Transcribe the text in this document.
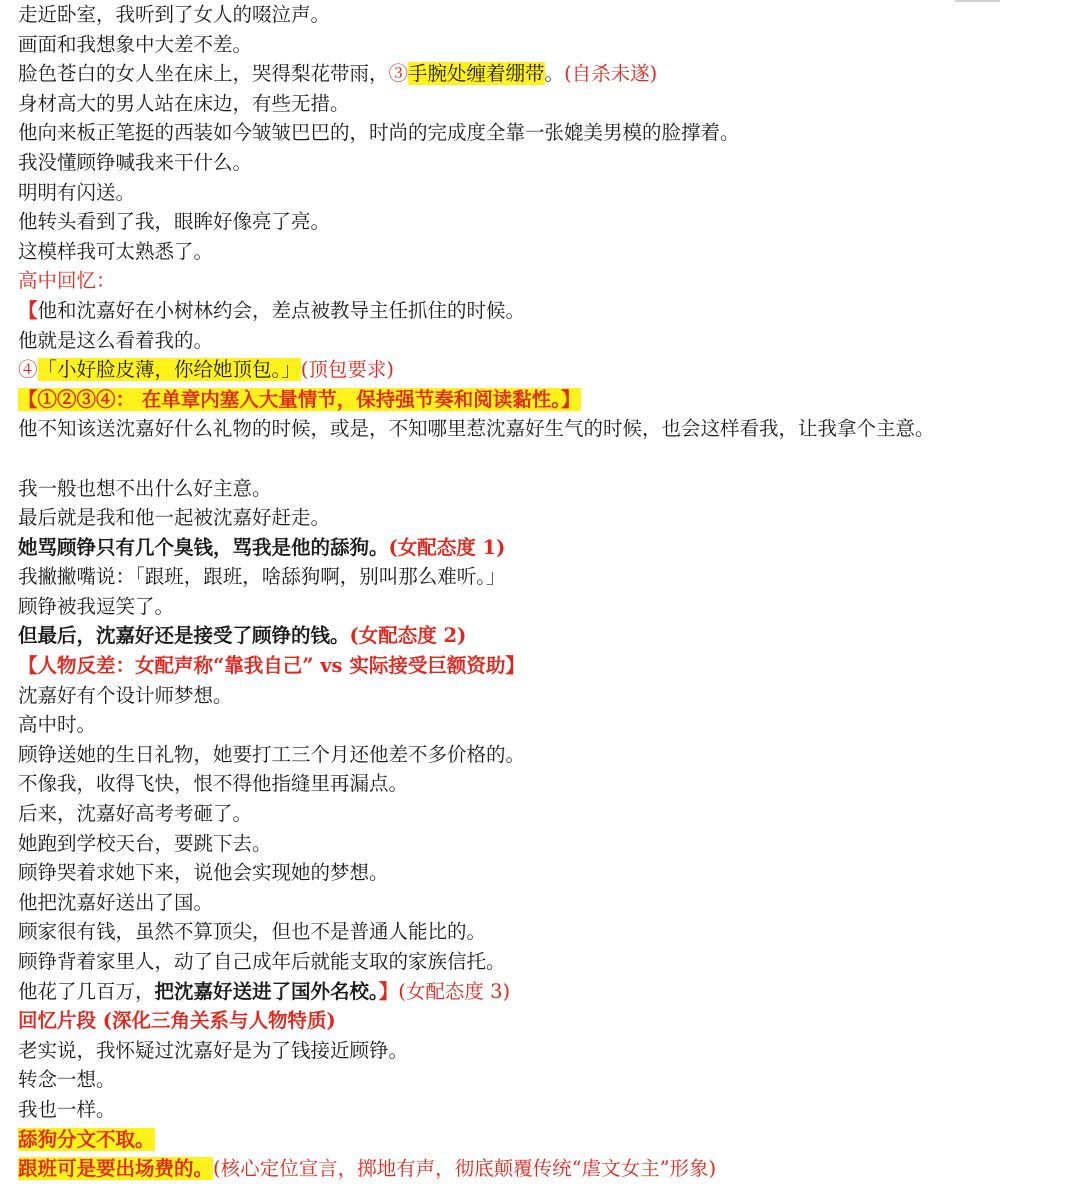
走近卧室，我听到了女人的啜泣声。
画面和我想象中大差不差。
脸色苍白的女人坐在床上，哭得梨花带雨，③手腕处缠着绷带。(自杀未遂)
身材高大的男人站在床边，有些无措。
他向来板正笔挺的西装如今皱皱巴巴的，时尚的完成度全靠一张媲美男模的脸撑着。
我没懂顾铮喊我来干什么。
明明有闪送。
他转头看到了我，眼眸好像亮了亮。
这模样我可太熟悉了。
高中回忆：
【他和沈嘉好在小树林约会，差点被教导主任抓住的时候。
他就是这么看着我的。
④「小好脸皮薄，你给她顶包。」(顶包要求)
【①②③④： 在单章内塞入大量情节，保持强节奏和阅读黏性。】
他不知该送沈嘉好什么礼物的时候，或是，不知哪里惹沈嘉好生气的时候，也会这样看我，让我拿个主意。
我一般也想不出什么好主意。
最后就是我和他一起被沈嘉好赶走。
她骂顾铮只有几个臭钱，骂我是他的舔狗。(女配态度 1)
我撇撇嘴说：「跟班，跟班，啥舔狗啊，别叫那么难听。」
顾铮被我逗笑了。
但最后，沈嘉好还是接受了顾铮的钱。(女配态度 2)
【人物反差：女配声称“靠我自己” vs 实际接受巨额资助】
沈嘉好有个设计师梦想。
高中时。
顾铮送她的生日礼物，她要打工三个月还他差不多价格的。
不像我，收得飞快，恨不得他指缝里再漏点。
后来，沈嘉好高考考砸了。
她跑到学校天台，要跳下去。
顾铮哭着求她下来，说他会实现她的梦想。
他把沈嘉好送出了国。
顾家很有钱，虽然不算顶尖，但也不是普通人能比的。
顾铮背着家里人，动了自己成年后就能支取的家族信托。
他花了几百万，把沈嘉好送进了国外名校。】(女配态度 3)
回忆片段 (深化三角关系与人物特质)
老实说，我怀疑过沈嘉好是为了钱接近顾铮。
转念一想。
我也一样。
舔狗分文不取。
跟班可是要出场费的。(核心定位宣言，掷地有声，彻底颠覆传统“虐文女主”形象)
